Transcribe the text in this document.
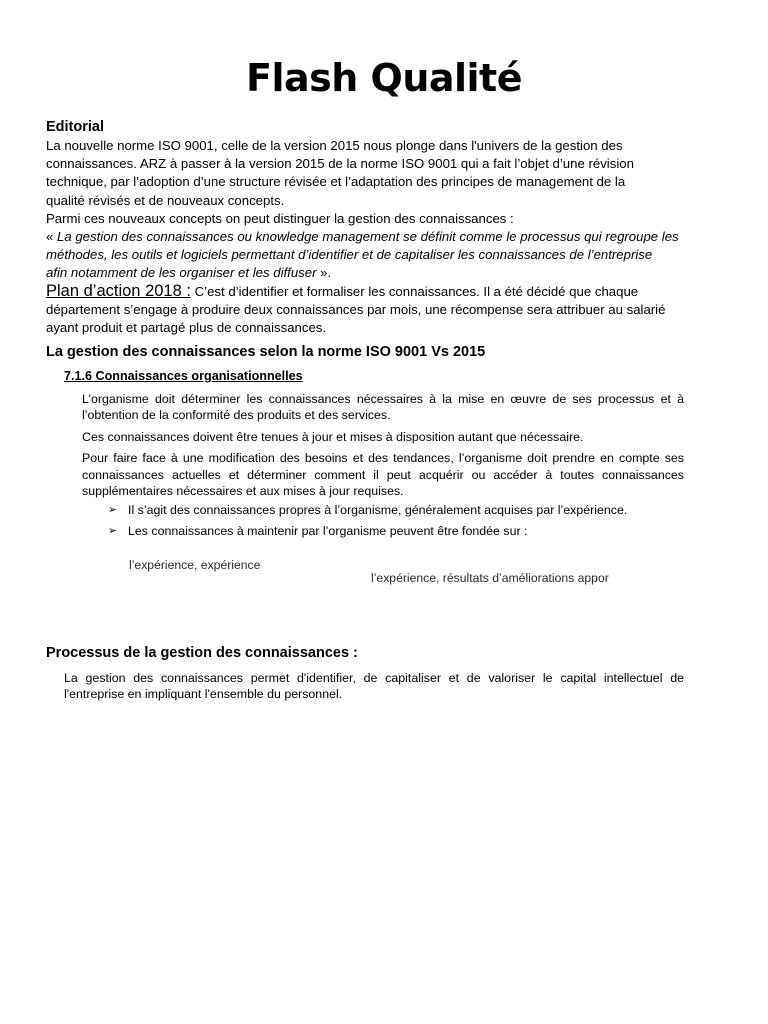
Flash Qualité
Editorial

La nouvelle norme ISO 9001, celle de la version 2015 nous plonge dans l'univers de la gestion des

connaissances. ARZ à passer à la version 2015 de la norme ISO 9001 qui a fait l’objet d’une révision

technique, par l’adoption d’une structure révisée et l’adaptation des principes de management de la

qualité révisés et de nouveaux concepts.

Parmi ces nouveaux concepts on peut distinguer la gestion des connaissances :

« La gestion des connaissances ou knowledge management se définit comme le processus qui regroupe les

méthodes, les outils et logiciels permettant d’identifier et de capitaliser les connaissances de l’entreprise

afin notamment de les organiser et les diffuser ».

Plan d’action 2018 : C’est d’identifier et formaliser les connaissances. Il a été décidé que chaque

département s’engage à produire deux connaissances par mois, une récompense sera attribuer au salarié

ayant produit et partagé plus de connaissances.

La gestion des connaissances selon la norme ISO 9001 Vs 2015
7.1.6 Connaissances organisationnelles

L’organisme doit déterminer les connaissances nécessaires à la mise en œuvre de ses processus et à l’obtention de la conformité des produits et des services.

Ces connaissances doivent être tenues à jour et mises à disposition autant que nécessaire.

Pour faire face à une modification des besoins et des tendances, l’organisme doit prendre en compte ses connaissances actuelles et déterminer comment il peut acquérir ou accéder à toutes connaissances supplémentaires nécessaires et aux mises à jour requises.

➢ Il s’agit des connaissances propres à l’organisme, généralement acquises par l’expérience.
➢ Les connaissances à maintenir par l’organisme peuvent être fondée sur :
l’expérience, expérience
l’expérience, résultats d’améliorations appor
Processus de la gestion des connaissances :

La gestion des connaissances permet d'identifier, de capitaliser et de valoriser le capital intellectuel de l'entreprise en impliquant l'ensemble du personnel.
